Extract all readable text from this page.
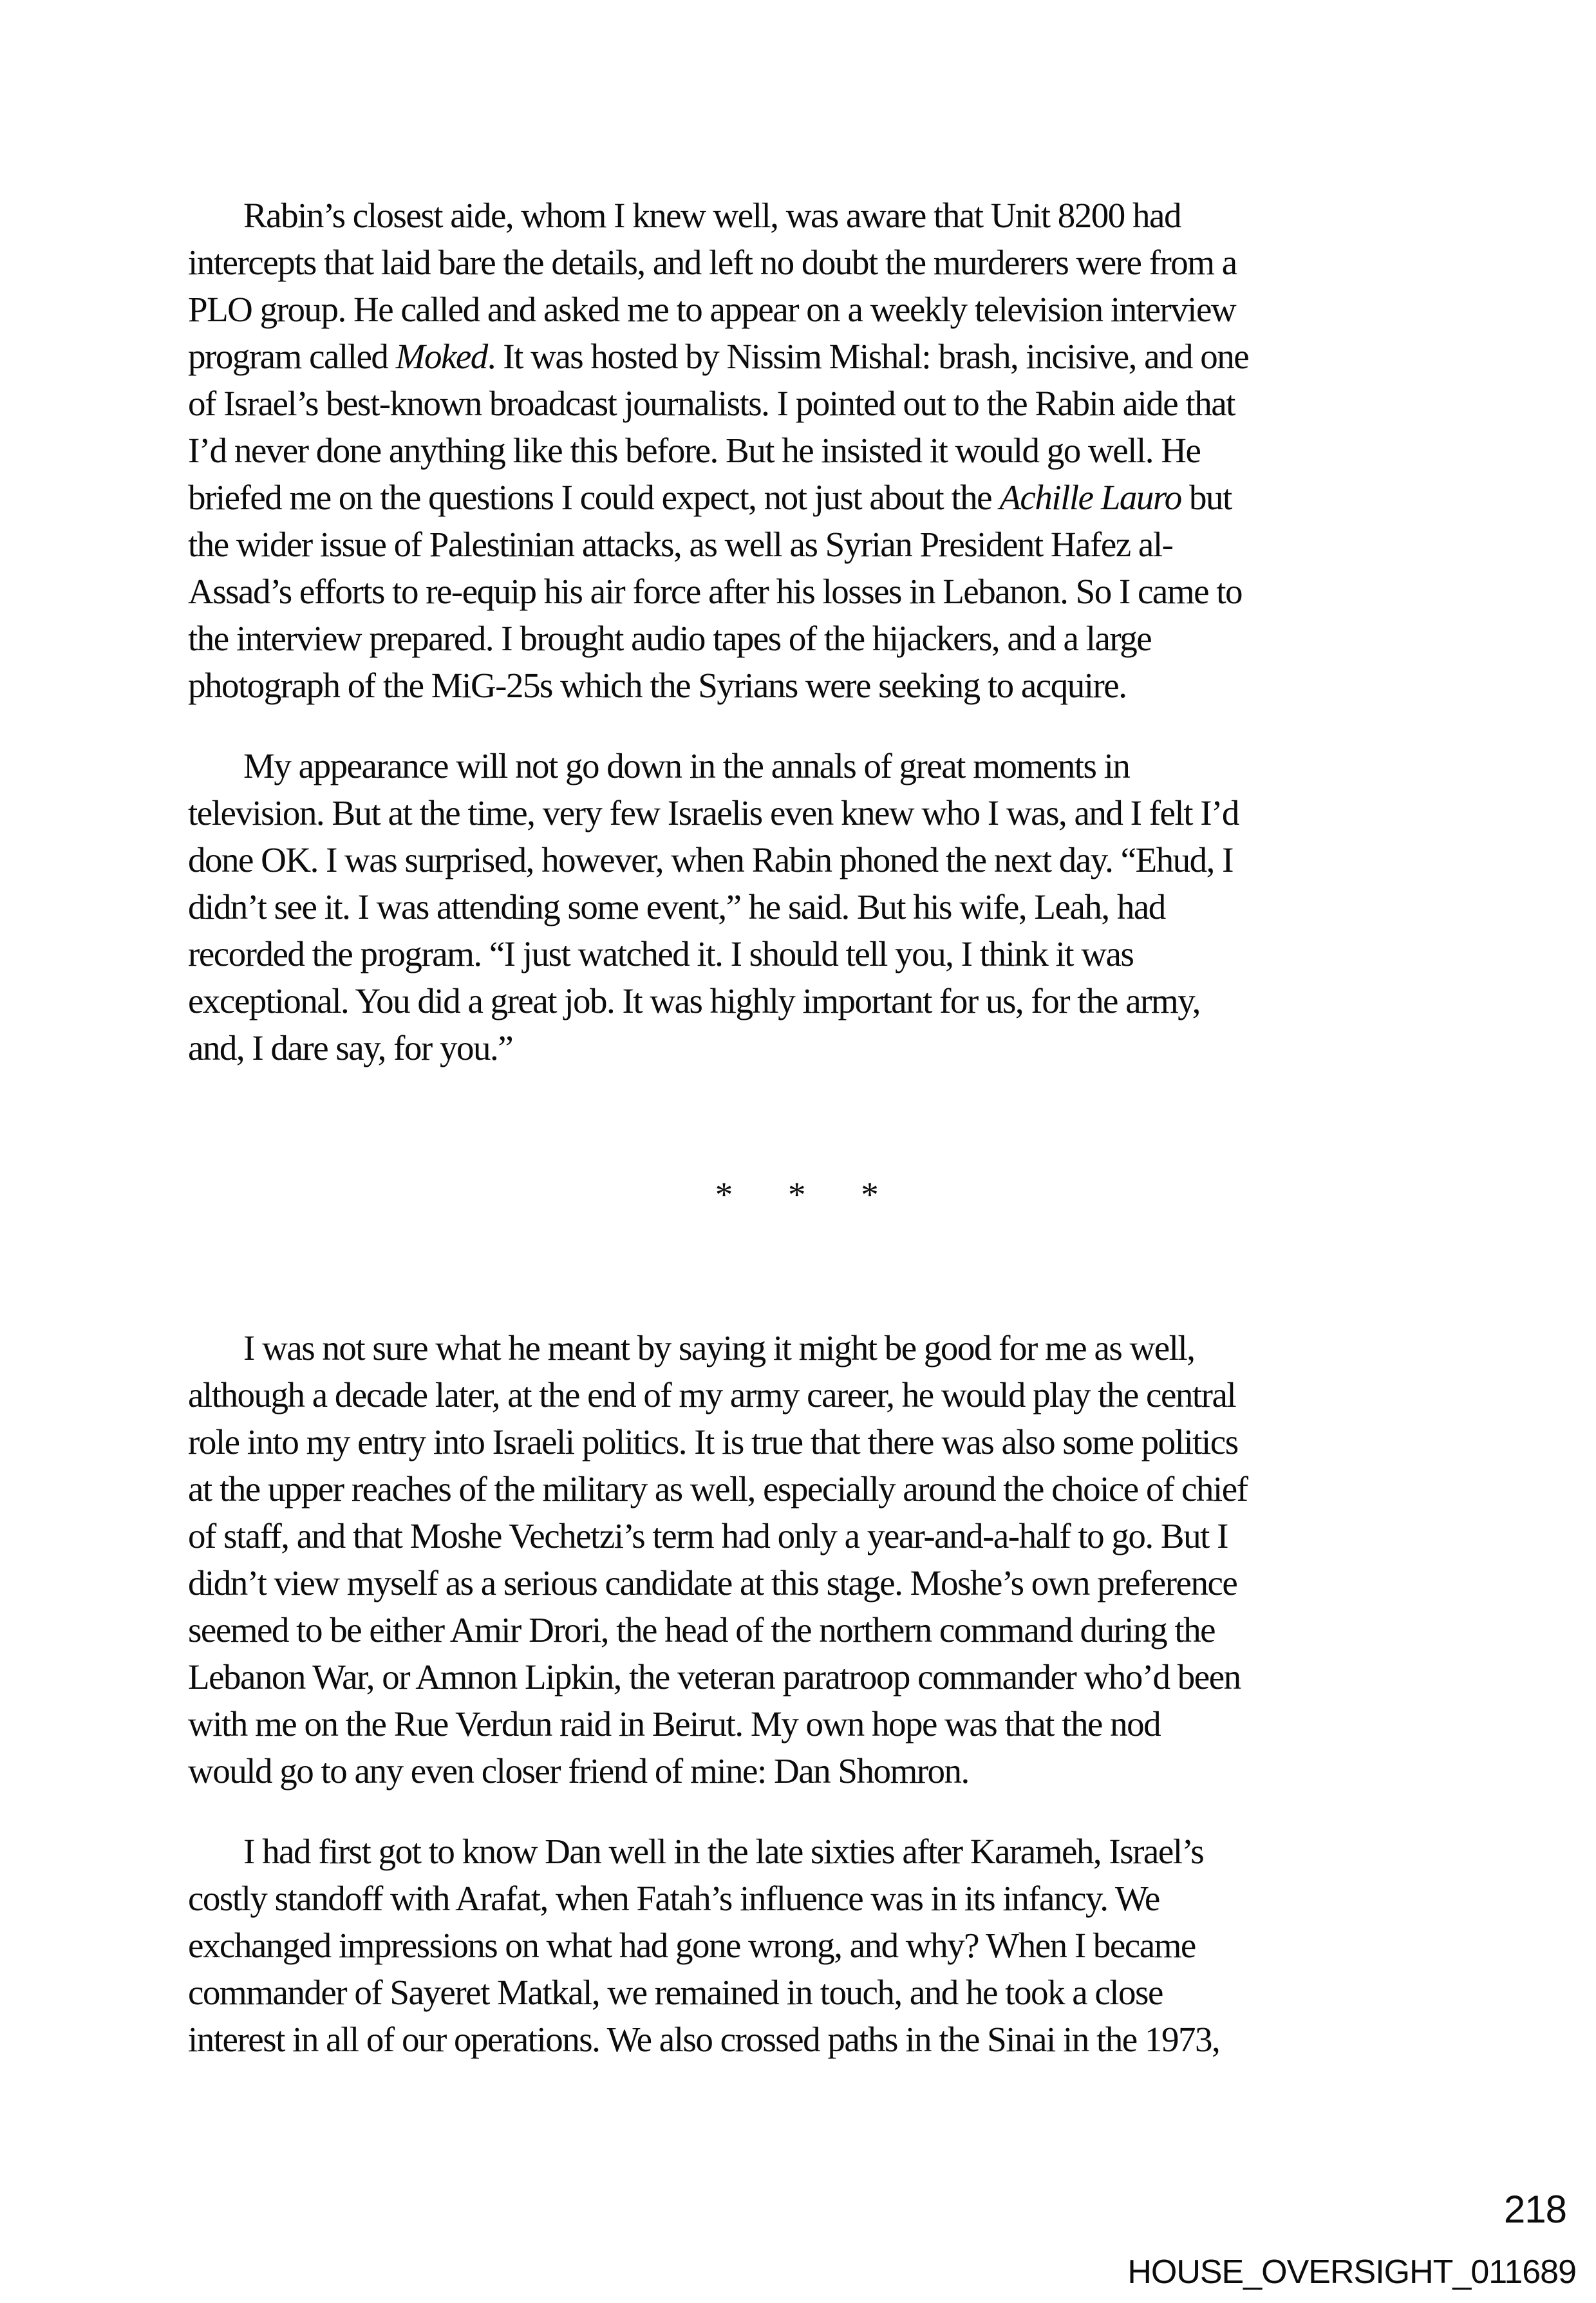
Rabin’s closest aide, whom I knew well, was aware that Unit 8200 had
intercepts that laid bare the details, and left no doubt the murderers were from a
PLO group. He called and asked me to appear on a weekly television interview
program called Moked. It was hosted by Nissim Mishal: brash, incisive, and one
of Israel’s best-known broadcast journalists. I pointed out to the Rabin aide that
I’d never done anything like this before. But he insisted it would go well. He
briefed me on the questions I could expect, not just about the Achille Lauro but
the wider issue of Palestinian attacks, as well as Syrian President Hafez al-
Assad’s efforts to re-equip his air force after his losses in Lebanon. So I came to
the interview prepared. I brought audio tapes of the hijackers, and a large
photograph of the MiG-25s which the Syrians were seeking to acquire.

My appearance will not go down in the annals of great moments in
television. But at the time, very few Israelis even knew who I was, and I felt I’d
done OK. I was surprised, however, when Rabin phoned the next day. “Ehud, I
didn’t see it. I was attending some event,” he said. But his wife, Leah, had
recorded the program. “I just watched it. I should tell you, I think it was
exceptional. You did a great job. It was highly important for us, for the army,
and, I dare say, for you.”

* * *

I was not sure what he meant by saying it might be good for me as well,
although a decade later, at the end of my army career, he would play the central
role into my entry into Israeli politics. It is true that there was also some politics
at the upper reaches of the military as well, especially around the choice of chief
of staff, and that Moshe Vechetzi’s term had only a year-and-a-half to go. But I
didn’t view myself as a serious candidate at this stage. Moshe’s own preference
seemed to be either Amir Drori, the head of the northern command during the
Lebanon War, or Amnon Lipkin, the veteran paratroop commander who’d been
with me on the Rue Verdun raid in Beirut. My own hope was that the nod
would go to any even closer friend of mine: Dan Shomron.

I had first got to know Dan well in the late sixties after Karameh, Israel’s
costly standoff with Arafat, when Fatah’s influence was in its infancy. We
exchanged impressions on what had gone wrong, and why? When I became
commander of Sayeret Matkal, we remained in touch, and he took a close
interest in all of our operations. We also crossed paths in the Sinai in the 1973,

218
HOUSE_OVERSIGHT_011689
